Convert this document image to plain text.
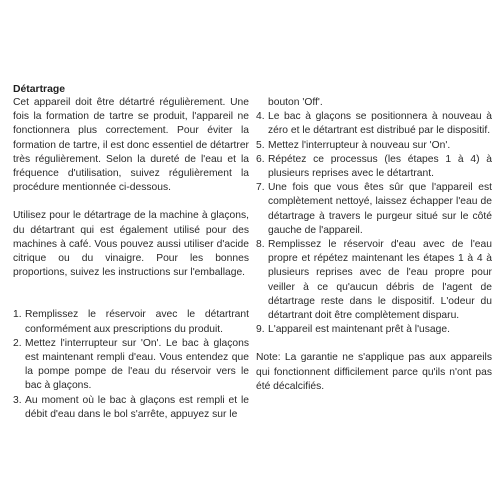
Détartrage

Cet appareil doit être détartré régulièrement. Une fois la formation de tartre se produit, l'appareil ne fonctionnera plus correctement. Pour éviter la formation de tartre, il est donc essentiel de détartrer très régulièrement. Selon la dureté de l'eau et la fréquence d'utilisation, suivez régulièrement la procédure mentionnée ci-dessous.

Utilisez pour le détartrage de la machine à glaçons, du détartrant qui est également utilisé pour des machines à café. Vous pouvez aussi utiliser d'acide citrique ou du vinaigre. Pour les bonnes proportions, suivez les instructions sur l'emballage.

1. Remplissez le réservoir avec le détartrant conformément aux prescriptions du produit.
2. Mettez l'interrupteur sur 'On'. Le bac à glaçons est maintenant rempli d'eau. Vous entendez que la pompe pompe de l'eau du réservoir vers le bac à glaçons.
3. Au moment où le bac à glaçons est rempli et le débit d'eau dans le bol s'arrête, appuyez sur le
bouton 'Off'.
4. Le bac à glaçons se positionnera à nouveau à zéro et le détartrant est distribué par le dispositif.
5. Mettez l'interrupteur à nouveau sur 'On'.
6. Répétez ce processus (les étapes 1 à 4) à plusieurs reprises avec le détartrant.
7. Une fois que vous êtes sûr que l'appareil est complètement nettoyé, laissez échapper l'eau de détartrage à travers le purgeur situé sur le côté gauche de l'appareil.
8. Remplissez le réservoir d'eau avec de l'eau propre et répétez maintenant les étapes 1 à 4 à plusieurs reprises avec de l'eau propre pour veiller à ce qu'aucun débris de l'agent de détartrage reste dans le dispositif. L'odeur du détartrant doit être complètement disparu.
9. L'appareil est maintenant prêt à l'usage.

Note: La garantie ne s'applique pas aux appareils qui fonctionnent difficilement parce qu'ils n'ont pas été décalcifiés.
